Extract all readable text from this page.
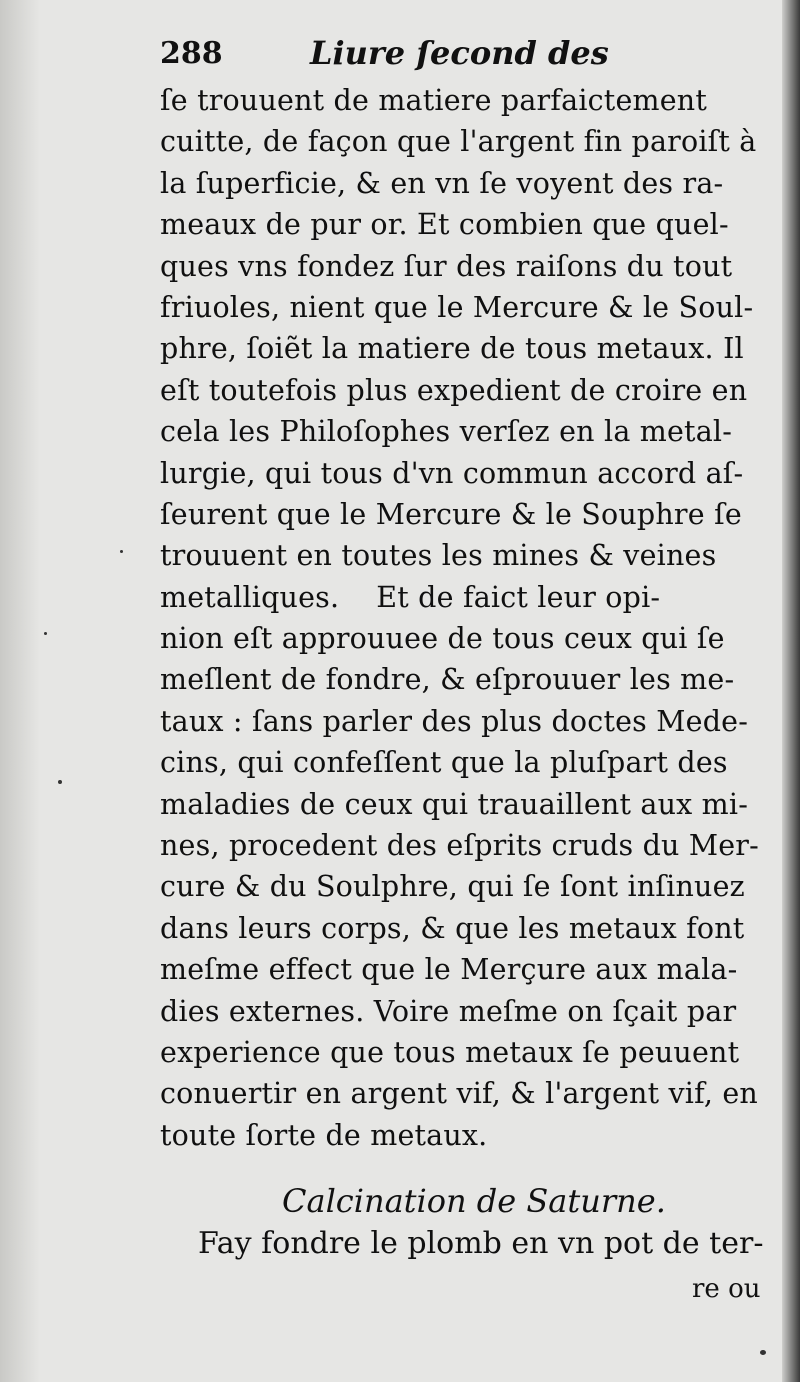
288	Liure ſecond des
ſe trouuent de matiere parfaictement
cuitte, de façon que l'argent fin paroiſt à
la ſuperficie, & en vn ſe voyent des ra-
meaux de pur or. Et combien que quel-
ques vns fondez ſur des raiſons du tout
friuoles, nient que le Mercure & le Soul-
phre, ſoiẽt la matiere de tous metaux. Il
eſt toutefois plus expedient de croire en
cela les Philoſophes verſez en la metal-
lurgie, qui tous d'vn commun accord aſ-
ſeurent que le Mercure & le Souphre ſe
trouuent en toutes les mines & veines
metalliques.    Et de faict leur opi-
nion eſt approuuee de tous ceux qui ſe
meſlent de fondre, & eſprouuer les me-
taux : ſans parler des plus doctes Mede-
cins, qui confeſſent que la pluſpart des
maladies de ceux qui trauaillent aux mi-
nes, procedent des eſprits cruds du Mer-
cure & du Soulphre, qui ſe ſont inſinuez
dans leurs corps, & que les metaux font
meſme effect que le Merçure aux mala-
dies externes. Voire meſme on ſçait par
experience que tous metaux ſe peuuent
conuertir en argent vif, & l'argent vif, en
toute ſorte de metaux.
Calcination de Saturne.
Fay fondre le plomb en vn pot de ter-
re ou
